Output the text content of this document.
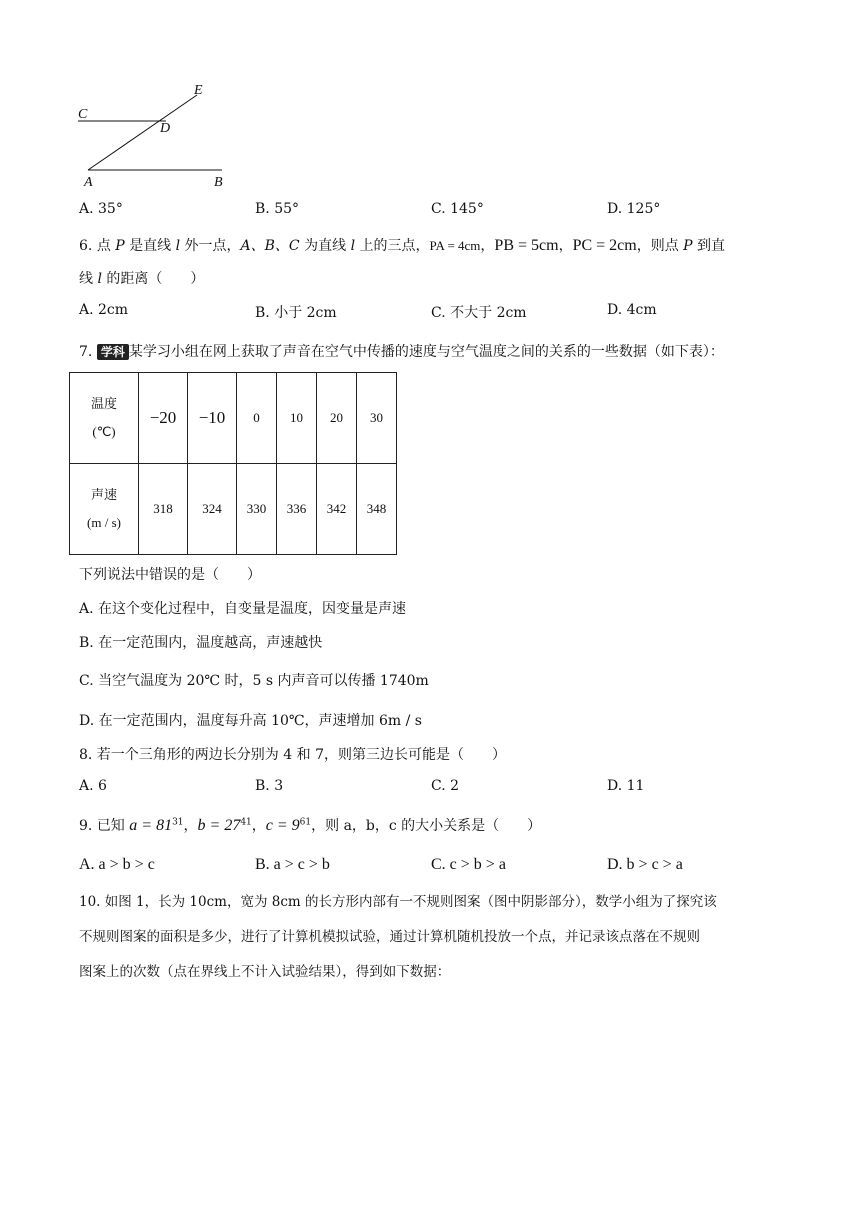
E
C
D
A	B
A. 35°	B. 55°	C. 145°	D. 125°
6. 点 P 是直线 l 外一点，A、B、C 为直线 l 上的三点，PA = 4cm，PB = 5cm，PC = 2cm，则点 P 到直
线 l 的距离（　　）
A. 2cm	B. 小于 2cm	C. 不大于 2cm	D. 4cm
7. 学科 某学习小组在网上获取了声音在空气中传播的速度与空气温度之间的关系的一些数据（如下表）：
温度
(℃)	−20	−10	0	10	20	30

声速
(m / s)	318	324	330	336	342	348
下列说法中错误的是（　　）
A. 在这个变化过程中，自变量是温度，因变量是声速
B. 在一定范围内，温度越高，声速越快
C. 当空气温度为 20℃ 时，5 s 内声音可以传播 1740m
D. 在一定范围内，温度每升高 10℃，声速增加 6m / s
8. 若一个三角形的两边长分别为 4 和 7，则第三边长可能是（　　）
A. 6	B. 3	C. 2	D. 11
9. 已知 $a = 81^{31}$，$b = 27^{41}$，$c = 9^{61}$，则 a，b，c 的大小关系是（　　）
A. a > b > c	B. a > c > b	C. c > b > a	D. b > c > a
10. 如图 1，长为 10cm，宽为 8cm 的长方形内部有一不规则图案（图中阴影部分），数学小组为了探究该
不规则图案的面积是多少，进行了计算机模拟试验，通过计算机随机投放一个点，并记录该点落在不规则
图案上的次数（点在界线上不计入试验结果），得到如下数据：
